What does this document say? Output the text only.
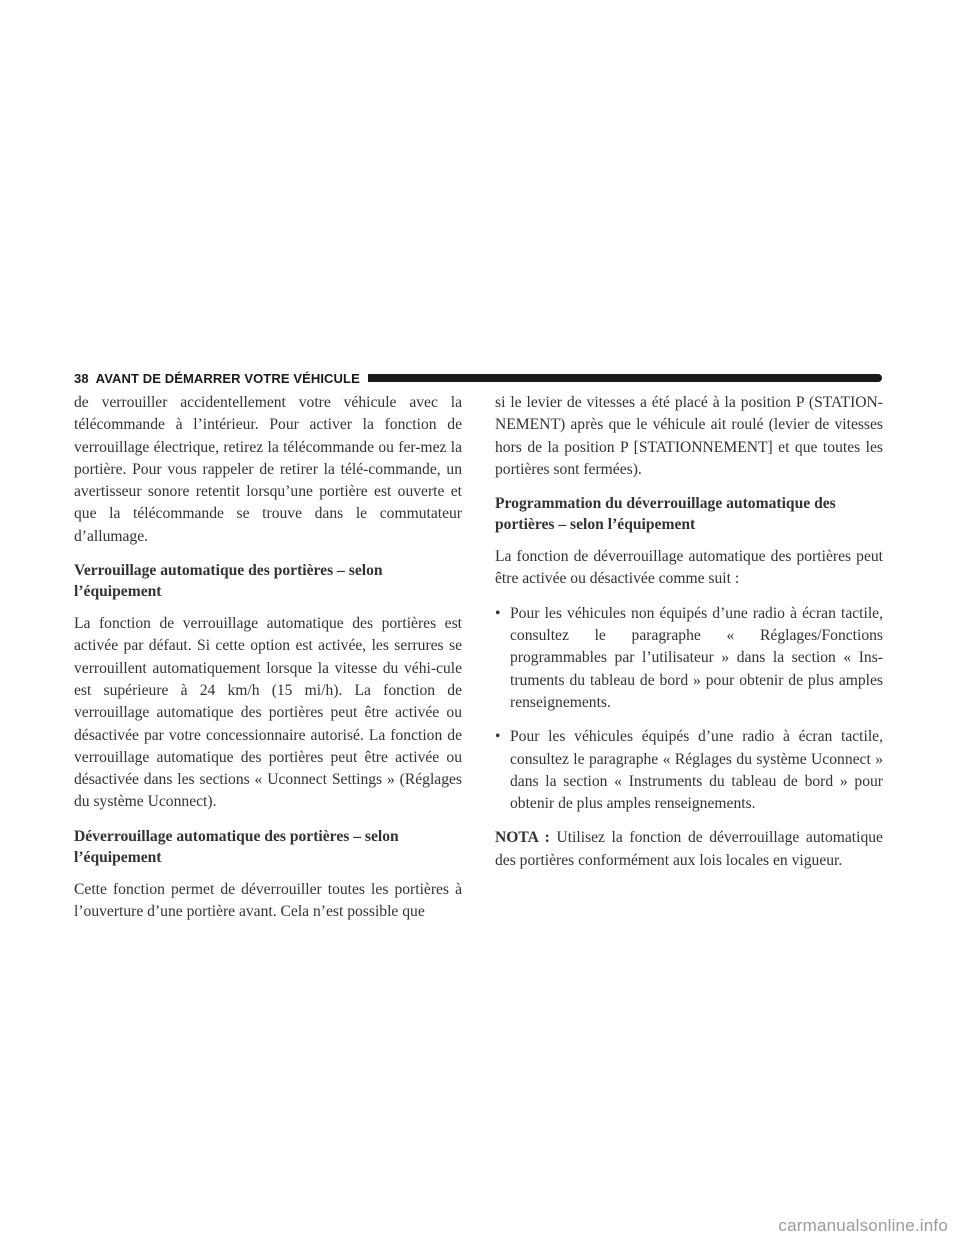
38 AVANT DE DÉMARRER VOTRE VÉHICULE

de verrouiller accidentellement votre véhicule avec la télécommande à l’intérieur. Pour activer la fonction de verrouillage électrique, retirez la télécommande ou fer-mez la portière. Pour vous rappeler de retirer la télé-commande, un avertisseur sonore retentit lorsqu’une portière est ouverte et que la télécommande se trouve dans le commutateur d’allumage.

Verrouillage automatique des portières – selon l’équipement

La fonction de verrouillage automatique des portières est activée par défaut. Si cette option est activée, les serrures se verrouillent automatiquement lorsque la vitesse du véhi-cule est supérieure à 24 km/h (15 mi/h). La fonction de verrouillage automatique des portières peut être activée ou désactivée par votre concessionnaire autorisé. La fonction de verrouillage automatique des portières peut être activée ou désactivée dans les sections « Uconnect Settings » (Réglages du système Uconnect).

Déverrouillage automatique des portières – selon l’équipement

Cette fonction permet de déverrouiller toutes les portières à l’ouverture d’une portière avant. Cela n’est possible que

si le levier de vitesses a été placé à la position P (STATION-NEMENT) après que le véhicule ait roulé (levier de vitesses hors de la position P [STATIONNEMENT] et que toutes les portières sont fermées).

Programmation du déverrouillage automatique des portières – selon l’équipement

La fonction de déverrouillage automatique des portières peut être activée ou désactivée comme suit :

• Pour les véhicules non équipés d’une radio à écran tactile, consultez le paragraphe « Réglages/Fonctions programmables par l’utilisateur » dans la section « Ins-truments du tableau de bord » pour obtenir de plus amples renseignements.
• Pour les véhicules équipés d’une radio à écran tactile, consultez le paragraphe « Réglages du système Uconnect » dans la section « Instruments du tableau de bord » pour obtenir de plus amples renseignements.

NOTA : Utilisez la fonction de déverrouillage automatique des portières conformément aux lois locales en vigueur.

carmanualsonline.info
